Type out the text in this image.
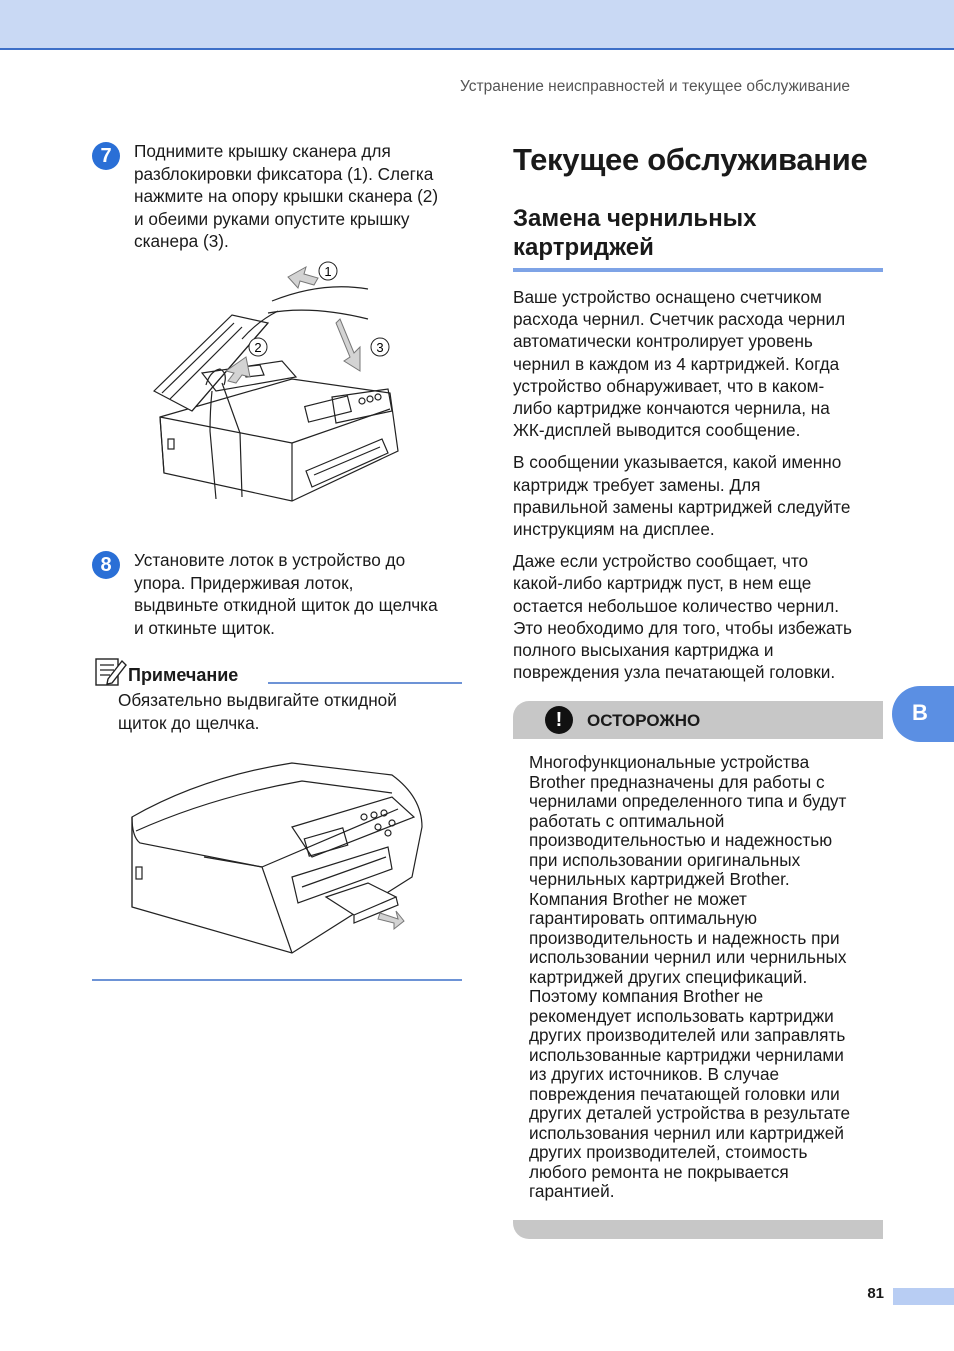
Устранение неисправностей и текущее обслуживание
7	Поднимите крышку сканера для
разблокировки фиксатора (1). Слегка
нажмите на опору крышки сканера (2)
и обеими руками опустите крышку
сканера (3).
1
2	3
8	Установите лоток в устройство до
упора. Придерживая лоток,
выдвиньте откидной щиток до щелчка
и откиньте щиток.
Примечание
Обязательно выдвигайте откидной
щиток до щелчка.
Текущее обслуживание
Замена чернильных
картриджей
Ваше устройство оснащено счетчиком
расхода чернил. Счетчик расхода чернил
автоматически контролирует уровень
чернил в каждом из 4 картриджей. Когда
устройство обнаруживает, что в каком-
либо картридже кончаются чернила, на
ЖК-дисплей выводится сообщение.
В сообщении указывается, какой именно
картридж требует замены. Для
правильной замены картриджей следуйте
инструкциям на дисплее.
Даже если устройство сообщает, что
какой-либо картридж пуст, в нем еще
остается небольшое количество чернил.
Это необходимо для того, чтобы избежать
полного высыхания картриджа и
повреждения узла печатающей головки.
!	ОСТОРОЖНО
Многофункциональные устройства
Brother предназначены для работы с
чернилами определенного типа и будут
работать с оптимальной
производительностью и надежностью
при использовании оригинальных
чернильных картриджей Brother.
Компания Brother не может
гарантировать оптимальную
производительность и надежность при
использовании чернил или чернильных
картриджей других спецификаций.
Поэтому компания Brother не
рекомендует использовать картриджи
других производителей или заправлять
использованные картриджи чернилами
из других источников. В случае
повреждения печатающей головки или
других деталей устройства в результате
использования чернил или картриджей
других производителей, стоимость
любого ремонта не покрывается
гарантией.
B
81
